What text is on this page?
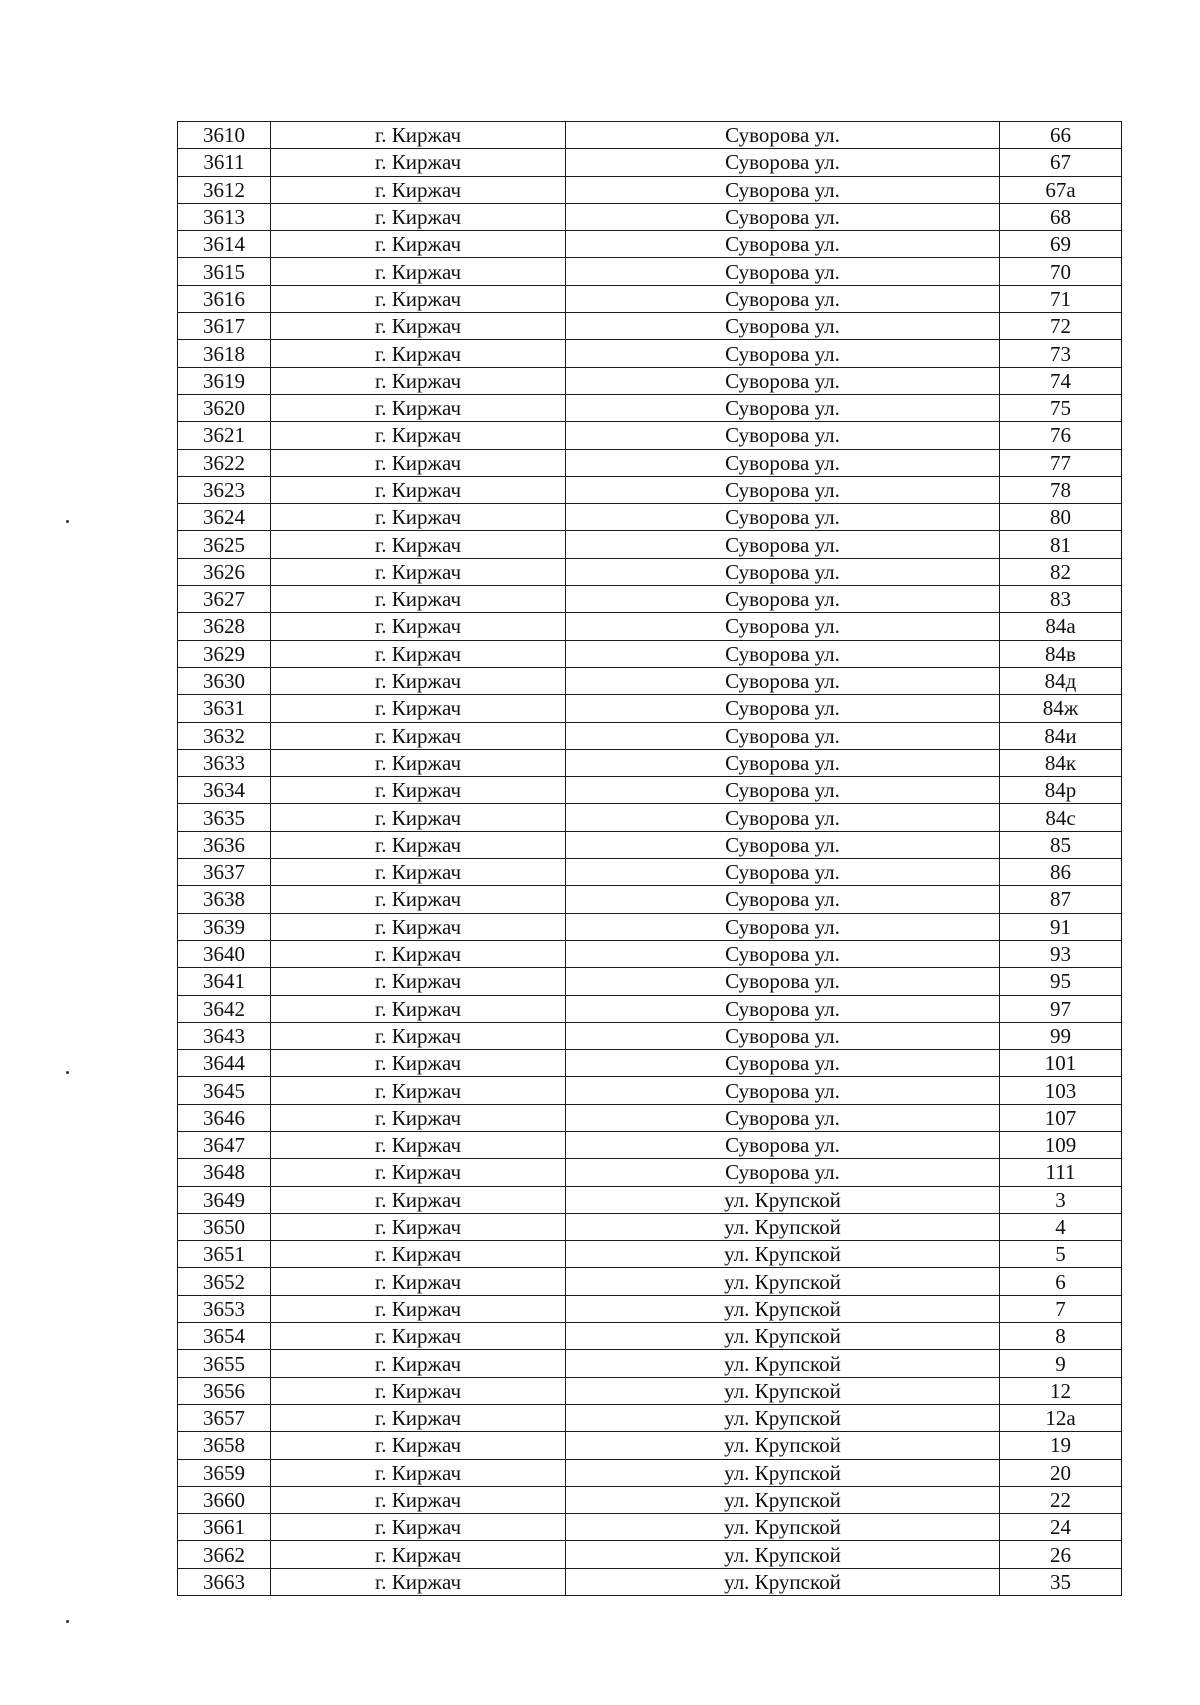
3610	г. Киржач	Суворова ул.	66
3611	г. Киржач	Суворова ул.	67
3612	г. Киржач	Суворова ул.	67а
3613	г. Киржач	Суворова ул.	68
3614	г. Киржач	Суворова ул.	69
3615	г. Киржач	Суворова ул.	70
3616	г. Киржач	Суворова ул.	71
3617	г. Киржач	Суворова ул.	72
3618	г. Киржач	Суворова ул.	73
3619	г. Киржач	Суворова ул.	74
3620	г. Киржач	Суворова ул.	75
3621	г. Киржач	Суворова ул.	76
3622	г. Киржач	Суворова ул.	77
3623	г. Киржач	Суворова ул.	78
3624	г. Киржач	Суворова ул.	80
3625	г. Киржач	Суворова ул.	81
3626	г. Киржач	Суворова ул.	82
3627	г. Киржач	Суворова ул.	83
3628	г. Киржач	Суворова ул.	84а
3629	г. Киржач	Суворова ул.	84в
3630	г. Киржач	Суворова ул.	84д
3631	г. Киржач	Суворова ул.	84ж
3632	г. Киржач	Суворова ул.	84и
3633	г. Киржач	Суворова ул.	84к
3634	г. Киржач	Суворова ул.	84р
3635	г. Киржач	Суворова ул.	84с
3636	г. Киржач	Суворова ул.	85
3637	г. Киржач	Суворова ул.	86
3638	г. Киржач	Суворова ул.	87
3639	г. Киржач	Суворова ул.	91
3640	г. Киржач	Суворова ул.	93
3641	г. Киржач	Суворова ул.	95
3642	г. Киржач	Суворова ул.	97
3643	г. Киржач	Суворова ул.	99
3644	г. Киржач	Суворова ул.	101
3645	г. Киржач	Суворова ул.	103
3646	г. Киржач	Суворова ул.	107
3647	г. Киржач	Суворова ул.	109
3648	г. Киржач	Суворова ул.	111
3649	г. Киржач	ул. Крупской	3
3650	г. Киржач	ул. Крупской	4
3651	г. Киржач	ул. Крупской	5
3652	г. Киржач	ул. Крупской	6
3653	г. Киржач	ул. Крупской	7
3654	г. Киржач	ул. Крупской	8
3655	г. Киржач	ул. Крупской	9
3656	г. Киржач	ул. Крупской	12
3657	г. Киржач	ул. Крупской	12а
3658	г. Киржач	ул. Крупской	19
3659	г. Киржач	ул. Крупской	20
3660	г. Киржач	ул. Крупской	22
3661	г. Киржач	ул. Крупской	24
3662	г. Киржач	ул. Крупской	26
3663	г. Киржач	ул. Крупской	35
